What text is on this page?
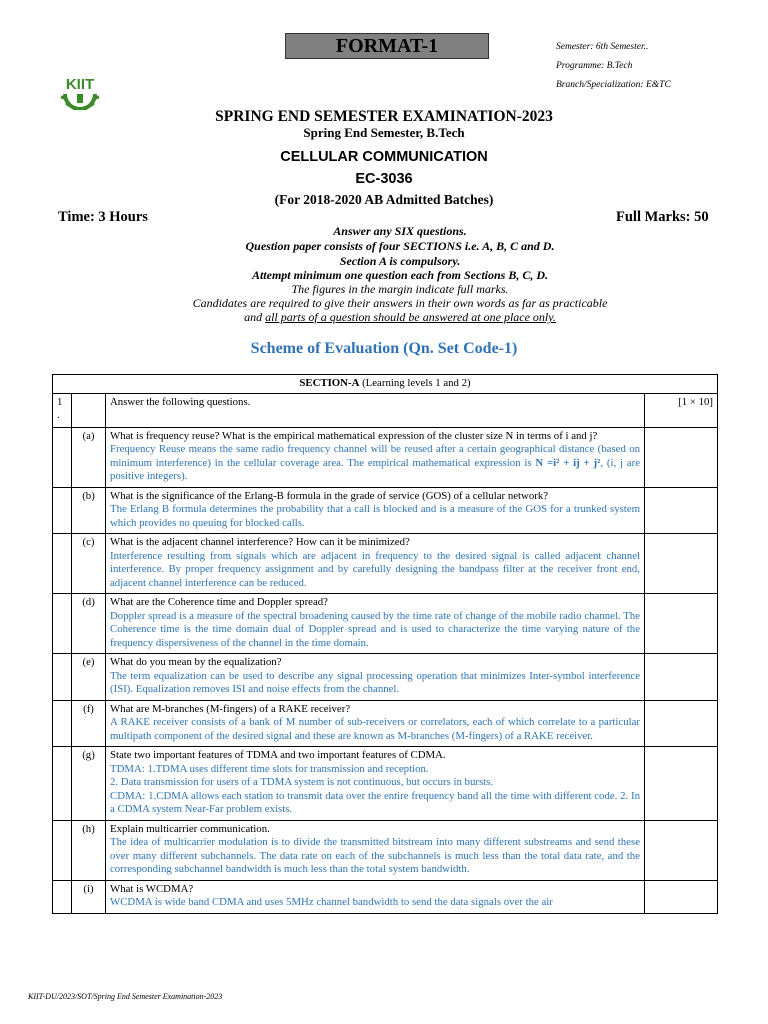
FORMAT-1	Semester: 6th Semester..
Programme: B.Tech
Branch/Specialization: E&TC
KIIT
SPRING END SEMESTER EXAMINATION-2023
Spring End Semester, B.Tech
CELLULAR COMMUNICATION
EC-3036
(For 2018-2020 AB Admitted Batches)
Time: 3 Hours	Full Marks: 50
Answer any SIX questions.
Question paper consists of four SECTIONS i.e. A, B, C and D.
Section A is compulsory.
Attempt minimum one question each from Sections B, C, D.
The figures in the margin indicate full marks.
Candidates are required to give their answers in their own words as far as practicable
and all parts of a question should be answered at one place only.
Scheme of Evaluation (Qn. Set Code-1)
SECTION-A (Learning levels 1 and 2)			
1
.		Answer the following questions.	[1 × 10]
	(a)	What is frequency reuse? What is the empirical mathematical expression of the cluster size N in terms of i and j?
Frequency Reuse means the same radio frequency channel will be reused after a certain geographical distance (based on minimum interference) in the cellular coverage area. The empirical mathematical expression is N =i² + ij + j², (i, j are positive integers).	

	(b)	What is the significance of the Erlang-B formula in the grade of service (GOS) of a cellular network?
The Erlang B formula determines the probability that a call is blocked and is a measure of the GOS for a trunked system which provides no queuing for blocked calls.	

	(c)	What is the adjacent channel interference? How can it be minimized?
Interference resulting from signals which are adjacent in frequency to the desired signal is called adjacent channel interference. By proper frequency assignment and by carefully designing the bandpass filter at the receiver front end, adjacent channel interference can be reduced.	

	(d)	What are the Coherence time and Doppler spread?
Doppler spread is a measure of the spectral broadening caused by the time rate of change of the mobile radio channel. The Coherence time is the time domain dual of Doppler spread and is used to characterize the time varying nature of the frequency dispersiveness of the channel in the time domain.	

	(e)	What do you mean by the equalization?
The term equalization can be used to describe any signal processing operation that minimizes Inter-symbol interference (ISI). Equalization removes ISI and noise effects from the channel.	

	(f)	What are M-branches (M-fingers) of a RAKE receiver?
A RAKE receiver consists of a bank of M number of sub-receivers or correlators, each of which correlate to a particular multipath component of the desired signal and these are known as M-branches (M-fingers) of a RAKE receiver.	

	(g)	State two important features of TDMA and two important features of CDMA.
TDMA: 1.TDMA uses different time slots for transmission and reception.
2. Data transmission for users of a TDMA system is not continuous, but occurs in bursts.
CDMA: 1.CDMA allows each station to transmit data over the entire frequency band all the time with different code. 2. In a CDMA system Near-Far problem exists.	

	(h)	Explain multicarrier communication.
The idea of multicarrier modulation is to divide the transmitted bitstream into many different substreams and send these over many different subchannels. The data rate on each of the subchannels is much less than the total data rate, and the corresponding subchannel bandwidth is much less than the total system bandwidth.	

	(i)	What is WCDMA?
WCDMA is wide band CDMA and uses 5MHz channel bandwidth to send the data signals over the air	

KIIT-DU/2023/SOT/Spring End Semester Examination-2023
